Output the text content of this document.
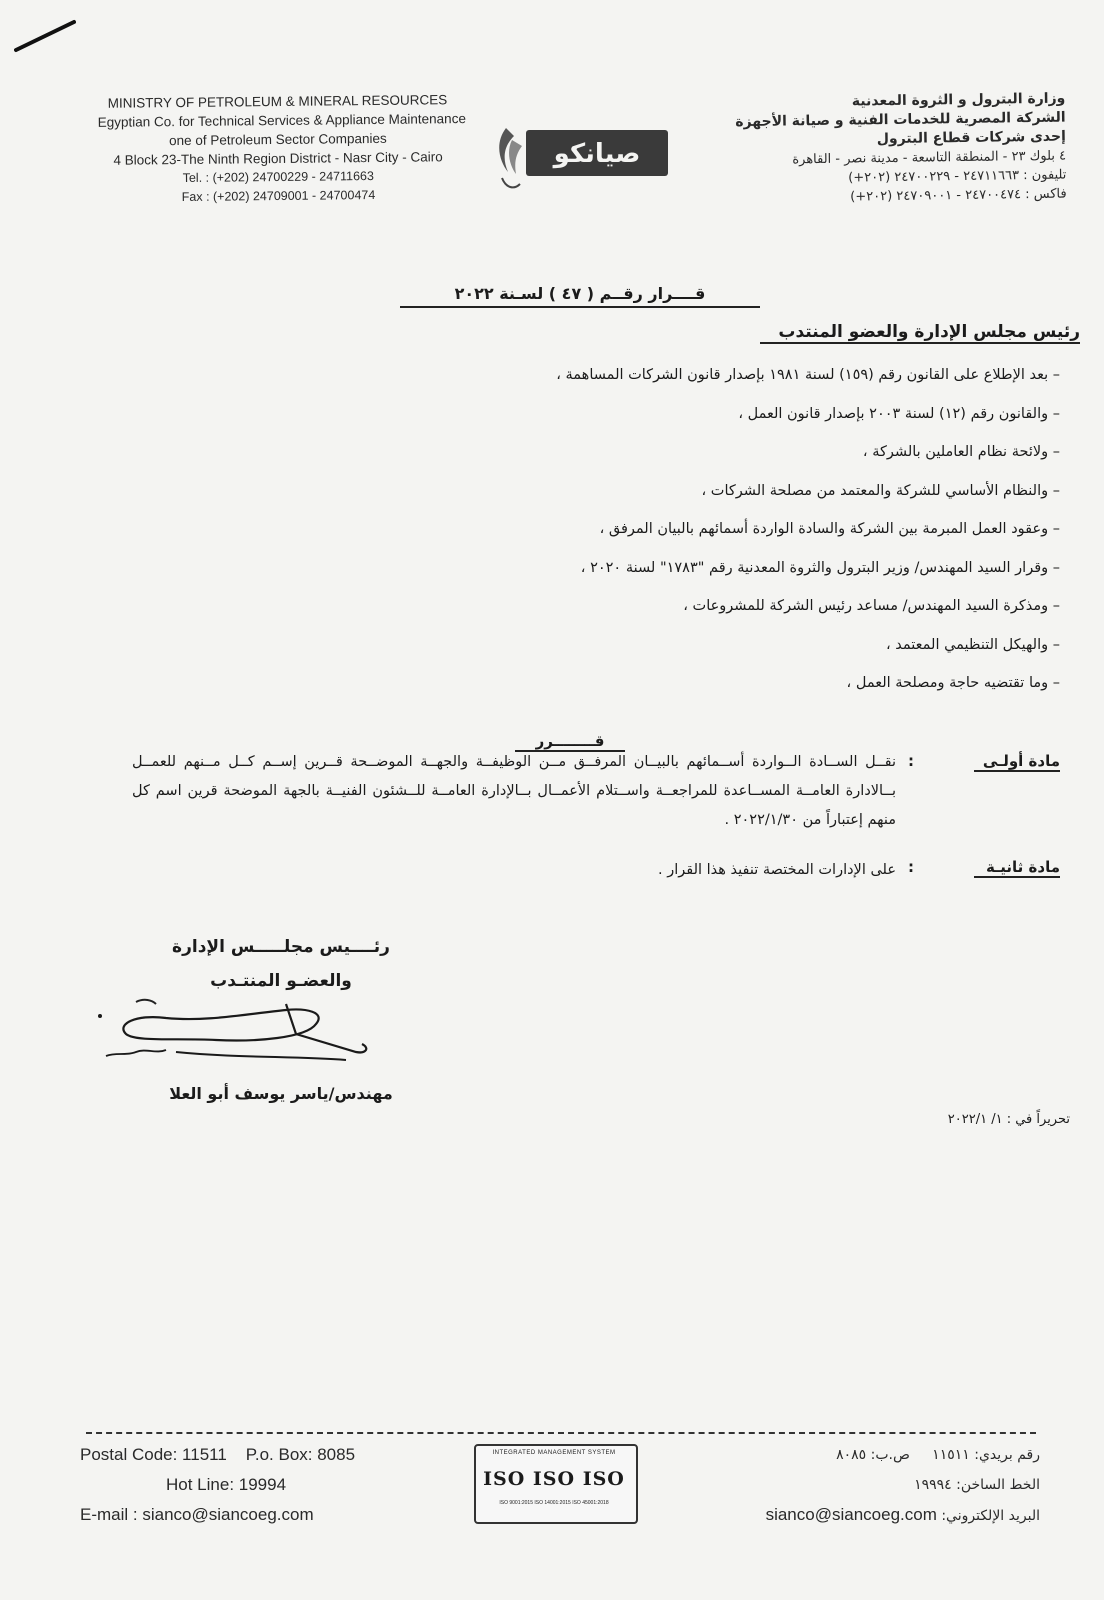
MINISTRY OF PETROLEUM & MINERAL RESOURCES
Egyptian Co. for Technical Services & Appliance Maintenance
one of Petroleum Sector Companies
4 Block 23-The Ninth Region District - Nasr City - Cairo
Tel. : (+202) 24700229 - 24711663
Fax : (+202) 24709001 - 24700474
صيانكو
وزارة البترول و الثروة المعدنية
الشركة المصرية للخدمات الفنية و صيانة الأجهزة
إحدى شركات قطاع البترول
٤ بلوك ٢٣ - المنطقة التاسعة - مدينة نصر - القاهرة
تليفون : ٢٤٧١١٦٦٣ - ٢٤٧٠٠٢٢٩ (٢٠٢+)
فاكس : ٢٤٧٠٠٤٧٤ - ٢٤٧٠٩٠٠١ (٢٠٢+)
قــــرار رقــم ( ٤٧ ) لسـنة ٢٠٢٢
رئيس مجلس الإدارة والعضو المنتدب
– بعد الإطلاع على القانون رقم (١٥٩) لسنة ١٩٨١ بإصدار قانون الشركات المساهمة ،
– والقانون رقم (١٢) لسنة ٢٠٠٣ بإصدار قانون العمل ،
– ولائحة نظام العاملين بالشركة ،
– والنظام الأساسي للشركة والمعتمد من مصلحة الشركات ،
– وعقود العمل المبرمة بين الشركة والسادة الواردة أسمائهم بالبيان المرفق ،
– وقرار السيد المهندس/ وزير البترول والثروة المعدنية رقم "١٧٨٣" لسنة ٢٠٢٠ ،
– ومذكرة السيد المهندس/ مساعد رئيس الشركة للمشروعات ،
– والهيكل التنظيمي المعتمد ،
– وما تقتضيه حاجة ومصلحة العمل ،
قــــــــرر
مادة أولـى
:
نقــل الســادة الــواردة أســمائهم بالبيــان المرفــق مــن الوظيفــة والجهــة الموضــحة قــرين إســم كــل مــنهم للعمــل بــالادارة العامــة المســاعدة للمراجعــة واســتلام الأعمــال بــالإدارة العامــة للــشئون الفنيــة بالجهة الموضحة قرين اسم كل منهم إعتباراً من ٢٠٢٢/١/٣٠ .
مادة ثانيـة
:
على الإدارات المختصة تنفيذ هذا القرار .
رئــــيس مجلـــــس الإدارة
والعضـو المنتـدب
مهندس/ياسر يوسف أبو العلا
تحريراً في : ١/ ٢٠٢٢/١
Postal Code: 11511 P.o. Box: 8085
Hot Line: 19994
E-mail : sianco@siancoeg.com
INTEGRATED MANAGEMENT SYSTEM
ISO ISO ISO
ISO 9001:2015 ISO 14001:2015 ISO 45001:2018
رقم بريدي: ١١٥١١     ص.ب: ٨٠٨٥
الخط الساخن: ١٩٩٩٤
البريد الإلكتروني: sianco@siancoeg.com
